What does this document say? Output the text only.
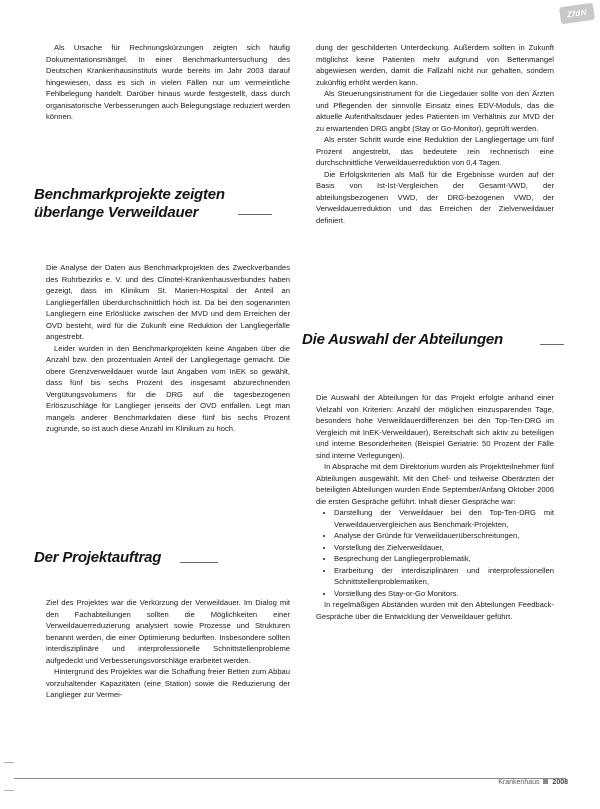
ZfdN

Als Ursache für Rechnungskürzungen zeigten sich häufig Dokumentationsmängel. In einer Benchmarkuntersuchung des Deutschen Krankenhausinstituts wurde bereits im Jahr 2003 darauf hingewiesen, dass es sich in vielen Fällen nur um vermeintliche Fehlbelegung handelt. Darüber hinaus wurde festgestellt, dass durch organisatorische Verbesserungen auch Belegungstage reduziert werden können.

Benchmarkprojekte zeigten
überlange Verweildauer

Die Analyse der Daten aus Benchmarkprojekten des Zweckverbandes des Ruhrbezirks e. V. und des Clinotel-Krankenhausverbundes haben gezeigt, dass im Klinikum St. Marien-Hospital der Anteil an Langliegerfällen überdurchschnittlich hoch ist. Da bei den sogenannten Langliegern eine Erlöslücke zwischen der MVD und dem Erreichen der OVD besteht, wird für die Zukunft eine Reduktion der Langliegerfälle angestrebt.

Leider wurden in den Benchmarkprojekten keine Angaben über die Anzahl bzw. den prozentualen Anteil der Langliegertage gemacht. Die obere Grenzverweildauer wurde laut Angaben vom InEK so gewählt, dass fünf bis sechs Prozent des insgesamt abzurechnenden Vergütungsvolumens für die DRG auf die tagesbezogenen Erlöszuschläge für Langlieger jenseits der OVD entfallen. Legt man mangels anderer Benchmarkdaten diese fünf bis sechs Prozent zugrunde, so ist auch diese Anzahl im Klinikum zu hoch.

Der Projektauftrag

Ziel des Projektes war die Verkürzung der Verweildauer. Im Dialog mit den Fachabteilungen sollten die Möglichkeiten einer Verweildauerreduzierung analysiert sowie Prozesse und Strukturen benannt werden, die einer Optimierung bedurften. Insbesondere sollten interdisziplinäre und interprofessionelle Schnittstellenprobleme aufgedeckt und Verbesserungsvorschläge erarbeitet werden.

Hintergrund des Projektes war die Schaffung freier Betten zum Abbau vorzuhaltender Kapazitäten (eine Station) sowie die Reduzierung der Langlieger zur Vermei-

dung der geschilderten Unterdeckung. Außerdem sollten in Zukunft möglichst keine Patienten mehr aufgrund von Bettenmangel abgewiesen werden, damit die Fallzahl nicht nur gehalten, sondern zukünftig erhöht werden kann.

Als Steuerungsinstrument für die Liegedauer sollte von den Ärzten und Pflegenden der sinnvolle Einsatz eines EDV-Moduls, das die aktuelle Aufenthaltsdauer jedes Patienten im Verhältnis zur MVD der zu erwartenden DRG angibt (Stay or Go-Monitor), geprüft werden.

Als erster Schritt wurde eine Reduktion der Langliegertage um fünf Prozent angestrebt, das bedeutete rein rechnerisch eine durchschnittliche Verweildauerreduktion von 0,4 Tagen.

Die Erfolgskriterien als Maß für die Ergebnisse wurden auf der Basis von Ist-Ist-Vergleichen der Gesamt-VWD, der abteilungsbezogenen VWD, der DRG-bezogenen VWD, der Verweildauerreduktion und das Erreichen der Zielverweildauer definiert.

Die Auswahl der Abteilungen

Die Auswahl der Abteilungen für das Projekt erfolgte anhand einer Vielzahl von Kriterien: Anzahl der möglichen einzusparenden Tage, besonders hohe Verweildauerdifferenzen bei den Top-Ten-DRG im Vergleich mit InEK-Verweildauer), Bereitschaft sich aktiv zu beteiligen und interne Besonderheiten (Beispiel Geriatrie: 50 Prozent der Fälle sind interne Verlegungen).

In Absprache mit dem Direktorium wurden als Projektteilnehmer fünf Abteilungen ausgewählt. Mit den Chef- und teilweise Oberärzten der beteiligten Abteilungen wurden Ende September/Anfang Oktober 2006 die ersten Gespräche geführt. Inhalt dieser Gespräche war:

• Darstellung der Verweildauer bei den Top-Ten-DRG mit Verweildauervergleichen aus Benchmark-Projekten,
• Analyse der Gründe für Verweildauerüberschreitungen,
• Vorstellung der Zielverweildauer,
• Besprechung der Langliegerproblematik,
• Erarbeitung der interdisziplinären und interprofessionellen Schnittstellenproblematiken,
• Vorstellung des Stay-or-Go Monitors.

In regelmäßigen Abständen wurden mit den Abteilungen Feedback-Gespräche über die Entwicklung der Verweildauer geführt.

Krankenhaus 2008
